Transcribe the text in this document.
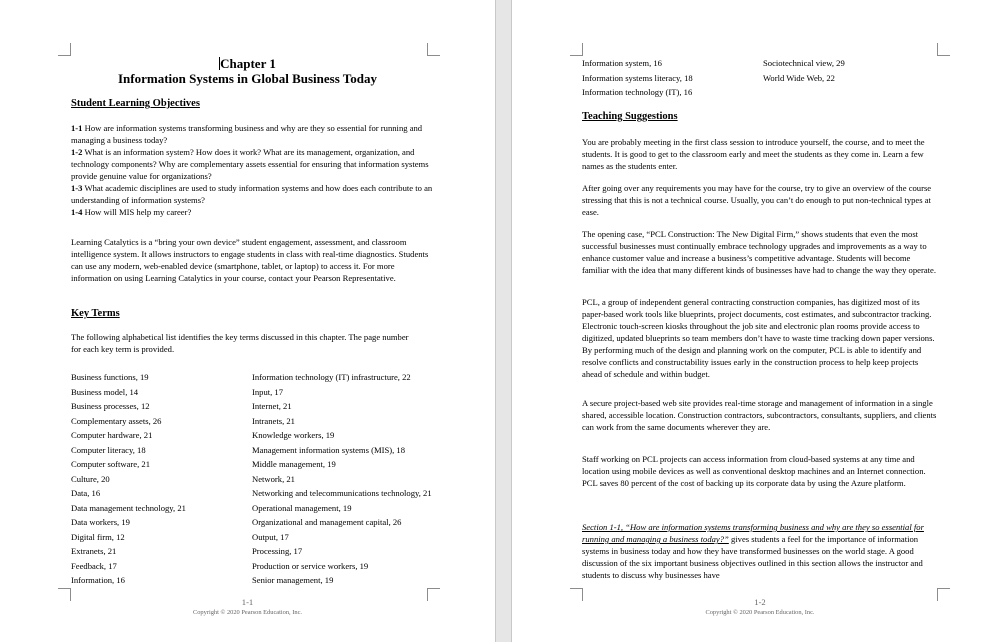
Chapter 1
Information Systems in Global Business Today
Student Learning Objectives

1-1 How are information systems transforming business and why are they so essential for running and managing a business today?

1-2 What is an information system? How does it work? What are its management, organization, and technology components? Why are complementary assets essential for ensuring that information systems provide genuine value for organizations?

1-3 What academic disciplines are used to study information systems and how does each contribute to an understanding of information systems?

1-4 How will MIS help my career?

Learning Catalytics is a “bring your own device” student engagement, assessment, and classroom intelligence system. It allows instructors to engage students in class with real-time diagnostics. Students can use any modern, web-enabled device (smartphone, tablet, or laptop) to access it. For more information on using Learning Catalytics in your course, contact your Pearson Representative.

Key Terms

The following alphabetical list identifies the key terms discussed in this chapter. The page number for each key term is provided.

Business functions, 19
Business model, 14
Business processes, 12
Complementary assets, 26
Computer hardware, 21
Computer literacy, 18
Computer software, 21
Culture, 20
Data, 16
Data management technology, 21
Data workers, 19
Digital firm, 12
Extranets, 21
Feedback, 17
Information, 16
Information technology (IT) infrastructure, 22
Input, 17
Internet, 21
Intranets, 21
Knowledge workers, 19
Management information systems (MIS), 18
Middle management, 19
Network, 21
Networking and telecommunications technology, 21
Operational management, 19
Organizational and management capital, 26
Output, 17
Processing, 17
Production or service workers, 19
Senior management, 19
1-1
Copyright © 2020 Pearson Education, Inc.
Information system, 16
Information systems literacy, 18
Information technology (IT), 16
Sociotechnical view, 29
World Wide Web, 22
Teaching Suggestions

You are probably meeting in the first class session to introduce yourself, the course, and to meet the students. It is good to get to the classroom early and meet the students as they come in. Learn a few names as the students enter.

After going over any requirements you may have for the course, try to give an overview of the course stressing that this is not a technical course. Usually, you can’t do enough to put non-technical types at ease.

The opening case, “PCL Construction: The New Digital Firm,” shows students that even the most successful businesses must continually embrace technology upgrades and improvements as a way to enhance customer value and increase a business’s competitive advantage. Students will become familiar with the idea that many different kinds of businesses have had to change the way they operate.

PCL, a group of independent general contracting construction companies, has digitized most of its paper-based work tools like blueprints, project documents, cost estimates, and subcontractor tracking. Electronic touch-screen kiosks throughout the job site and electronic plan rooms provide access to digitized, updated blueprints so team members don’t have to waste time tracking down paper versions. By performing much of the design and planning work on the computer, PCL is able to identify and resolve conflicts and constructability issues early in the construction process to help keep projects ahead of schedule and within budget.

A secure project-based web site provides real-time storage and management of information in a single shared, accessible location. Construction contractors, subcontractors, consultants, suppliers, and clients can work from the same documents wherever they are.

Staff working on PCL projects can access information from cloud-based systems at any time and location using mobile devices as well as conventional desktop machines and an Internet connection. PCL saves 80 percent of the cost of backing up its corporate data by using the Azure platform.

Section 1-1, “How are information systems transforming business and why are they so essential for running and managing a business today?” gives students a feel for the importance of information systems in business today and how they have transformed businesses on the world stage. A good discussion of the six important business objectives outlined in this section allows the instructor and students to discuss why businesses have

1-2
Copyright © 2020 Pearson Education, Inc.
